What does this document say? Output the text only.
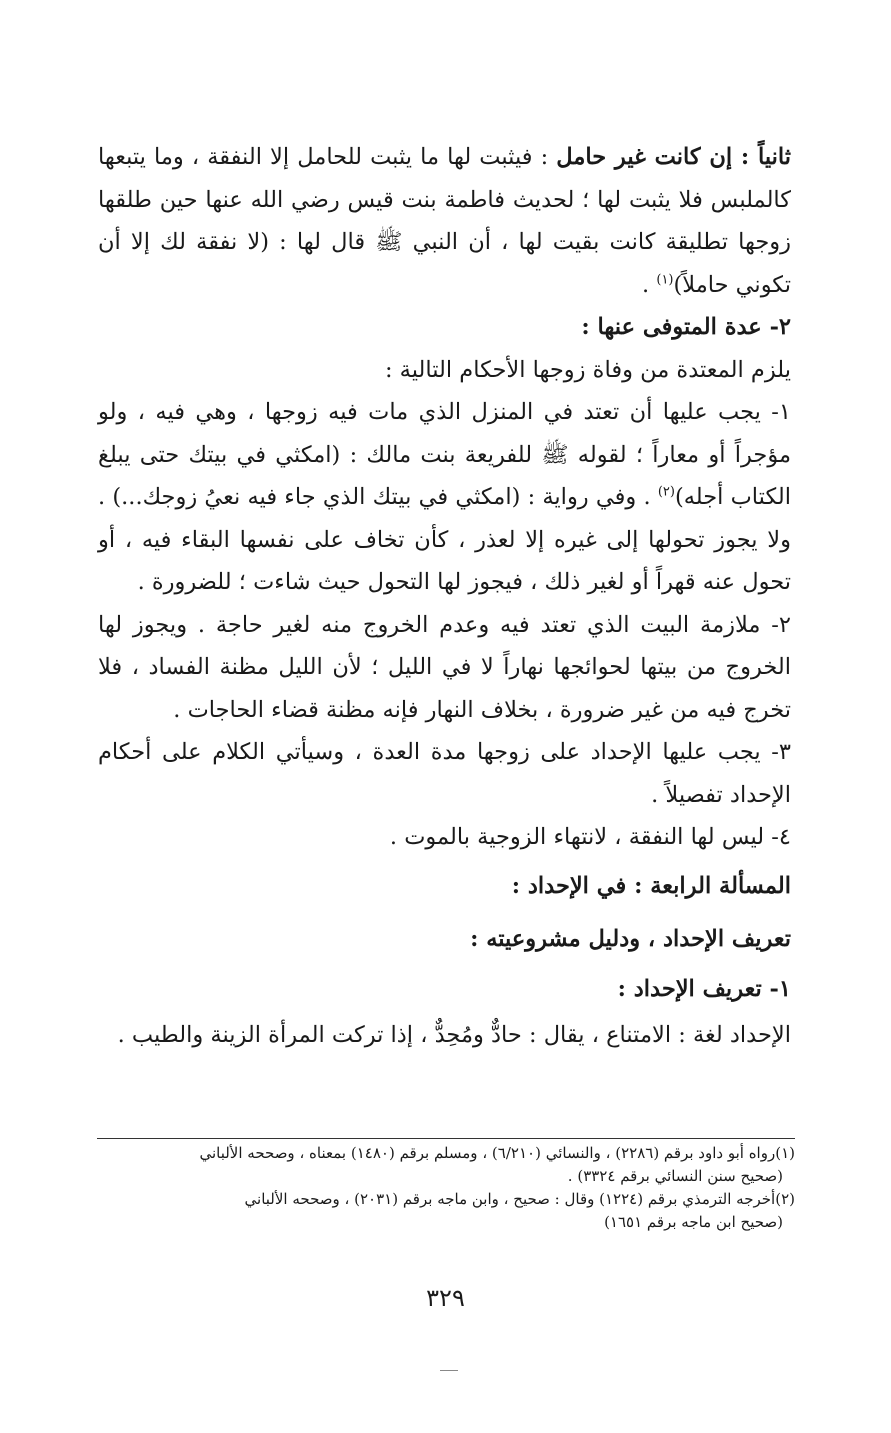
ثانياً : إن كانت غير حامل : فيثبت لها ما يثبت للحامل إلا النفقة ، وما يتبعها كالملبس فلا يثبت لها ؛ لحديث فاطمة بنت قيس رضي الله عنها حين طلقها زوجها تطليقة كانت بقيت لها ، أن النبي ﷺ قال لها : (لا نفقة لك إلا أن تكوني حاملاً)$^{(١)}$ .

٢- عدة المتوفى عنها :

يلزم المعتدة من وفاة زوجها الأحكام التالية :

١- يجب عليها أن تعتد في المنزل الذي مات فيه زوجها ، وهي فيه ، ولو مؤجراً أو معاراً ؛ لقوله ﷺ للفريعة بنت مالك : (امكثي في بيتك حتى يبلغ الكتاب أجله)$^{(٢)}$ . وفي رواية : (امكثي في بيتك الذي جاء فيه نعيُ زوجك...) . ولا يجوز تحولها إلى غيره إلا لعذر ، كأن تخاف على نفسها البقاء فيه ، أو تحول عنه قهراً أو لغير ذلك ، فيجوز لها التحول حيث شاءت ؛ للضرورة .

٢- ملازمة البيت الذي تعتد فيه وعدم الخروج منه لغير حاجة . ويجوز لها الخروج من بيتها لحوائجها نهاراً لا في الليل ؛ لأن الليل مظنة الفساد ، فلا تخرج فيه من غير ضرورة ، بخلاف النهار فإنه مظنة قضاء الحاجات .

٣- يجب عليها الإحداد على زوجها مدة العدة ، وسيأتي الكلام على أحكام الإحداد تفصيلاً .

٤- ليس لها النفقة ، لانتهاء الزوجية بالموت .

المسألة الرابعة : في الإحداد :

تعريف الإحداد ، ودليل مشروعيته :

١- تعريف الإحداد :

الإحداد لغة : الامتناع ، يقال : حادٌّ ومُحِدٌّ ، إذا تركت المرأة الزينة والطيب .

(١)رواه أبو داود برقم (٢٢٨٦) ، والنسائي (٦/٢١٠) ، ومسلم برقم (١٤٨٠) بمعناه ، وصححه الألباني

(صحيح سنن النسائي برقم ٣٣٢٤) .

(٢)أخرجه الترمذي برقم (١٢٢٤) وقال : صحيح ، وابن ماجه برقم (٢٠٣١) ، وصححه الألباني

(صحيح ابن ماجه برقم ١٦٥١)

٣٢٩
